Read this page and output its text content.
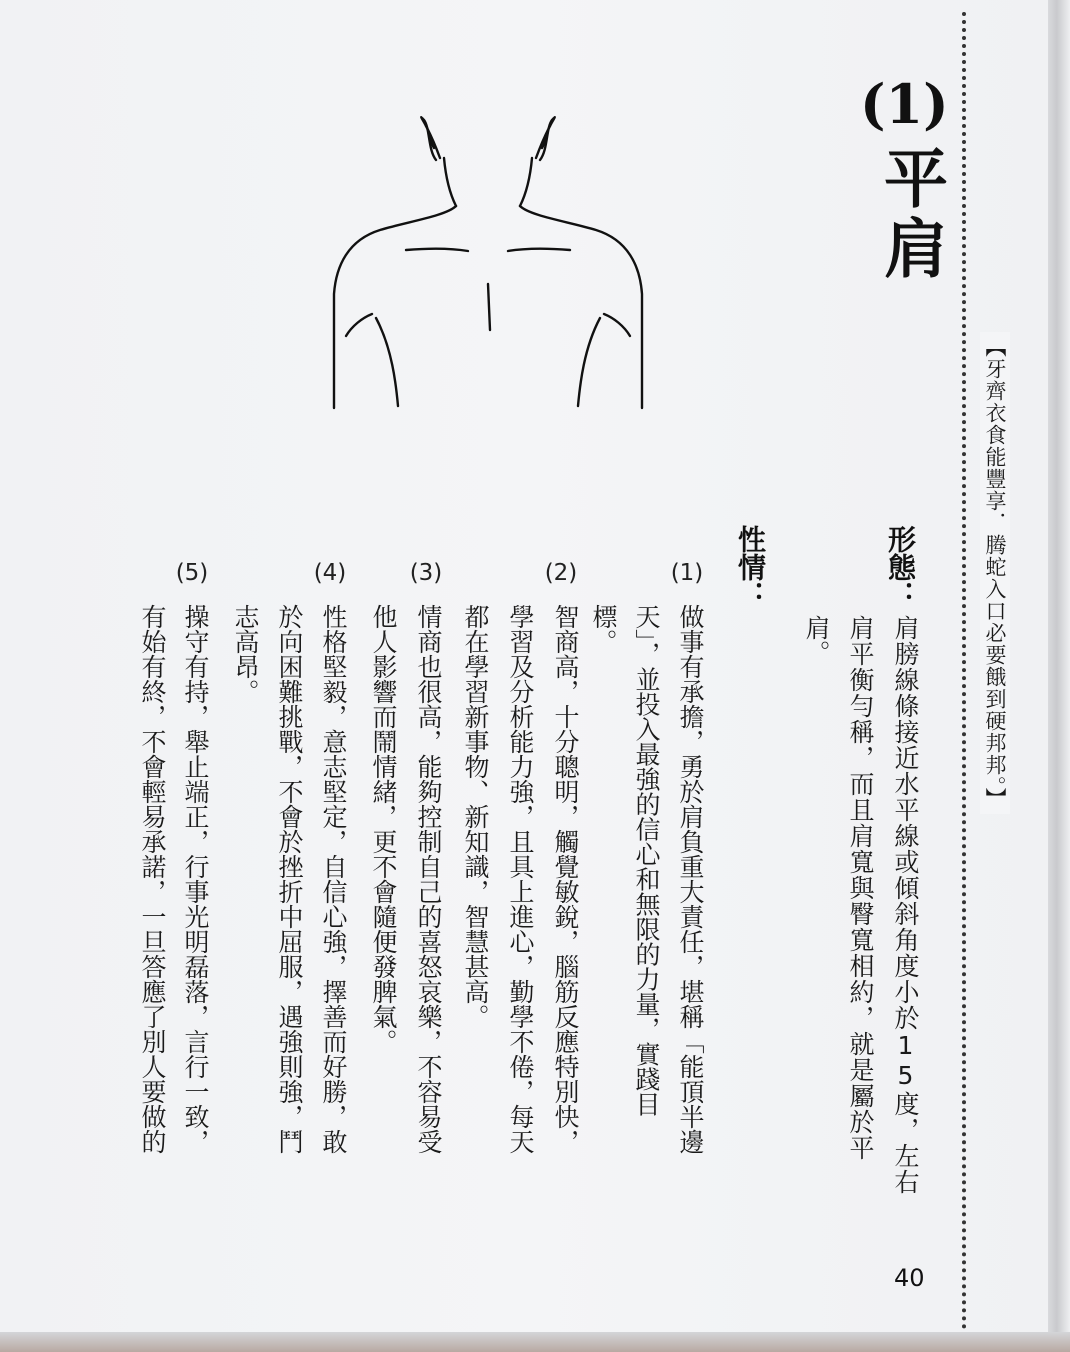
【牙齊衣食能豐享．腾蛇入口必要餓到硬邦邦。】
(1)
平肩
形態：
肩膀線條接近水平線或傾斜角度小於15度，左右
肩平衡勻稱，而且肩寬與臀寬相約，就是屬於平
肩。
性情：
(1)
做事有承擔，勇於肩負重大責任，堪稱「能頂半邊
天」，並投入最強的信心和無限的力量，實踐目
標。
(2)
智商高，十分聰明，觸覺敏銳，腦筋反應特別快，
學習及分析能力強，且具上進心，勤學不倦，每天
都在學習新事物、新知識，智慧甚高。
(3)
情商也很高，能夠控制自己的喜怒哀樂，不容易受
他人影響而鬧情緒，更不會隨便發脾氣。
(4)
性格堅毅，意志堅定，自信心強，擇善而好勝，敢
於向困難挑戰，不會於挫折中屈服，遇強則強，鬥
志高昂。
(5)
操守有持，舉止端正，行事光明磊落，言行一致，
有始有終，不會輕易承諾，一旦答應了別人要做的
40
